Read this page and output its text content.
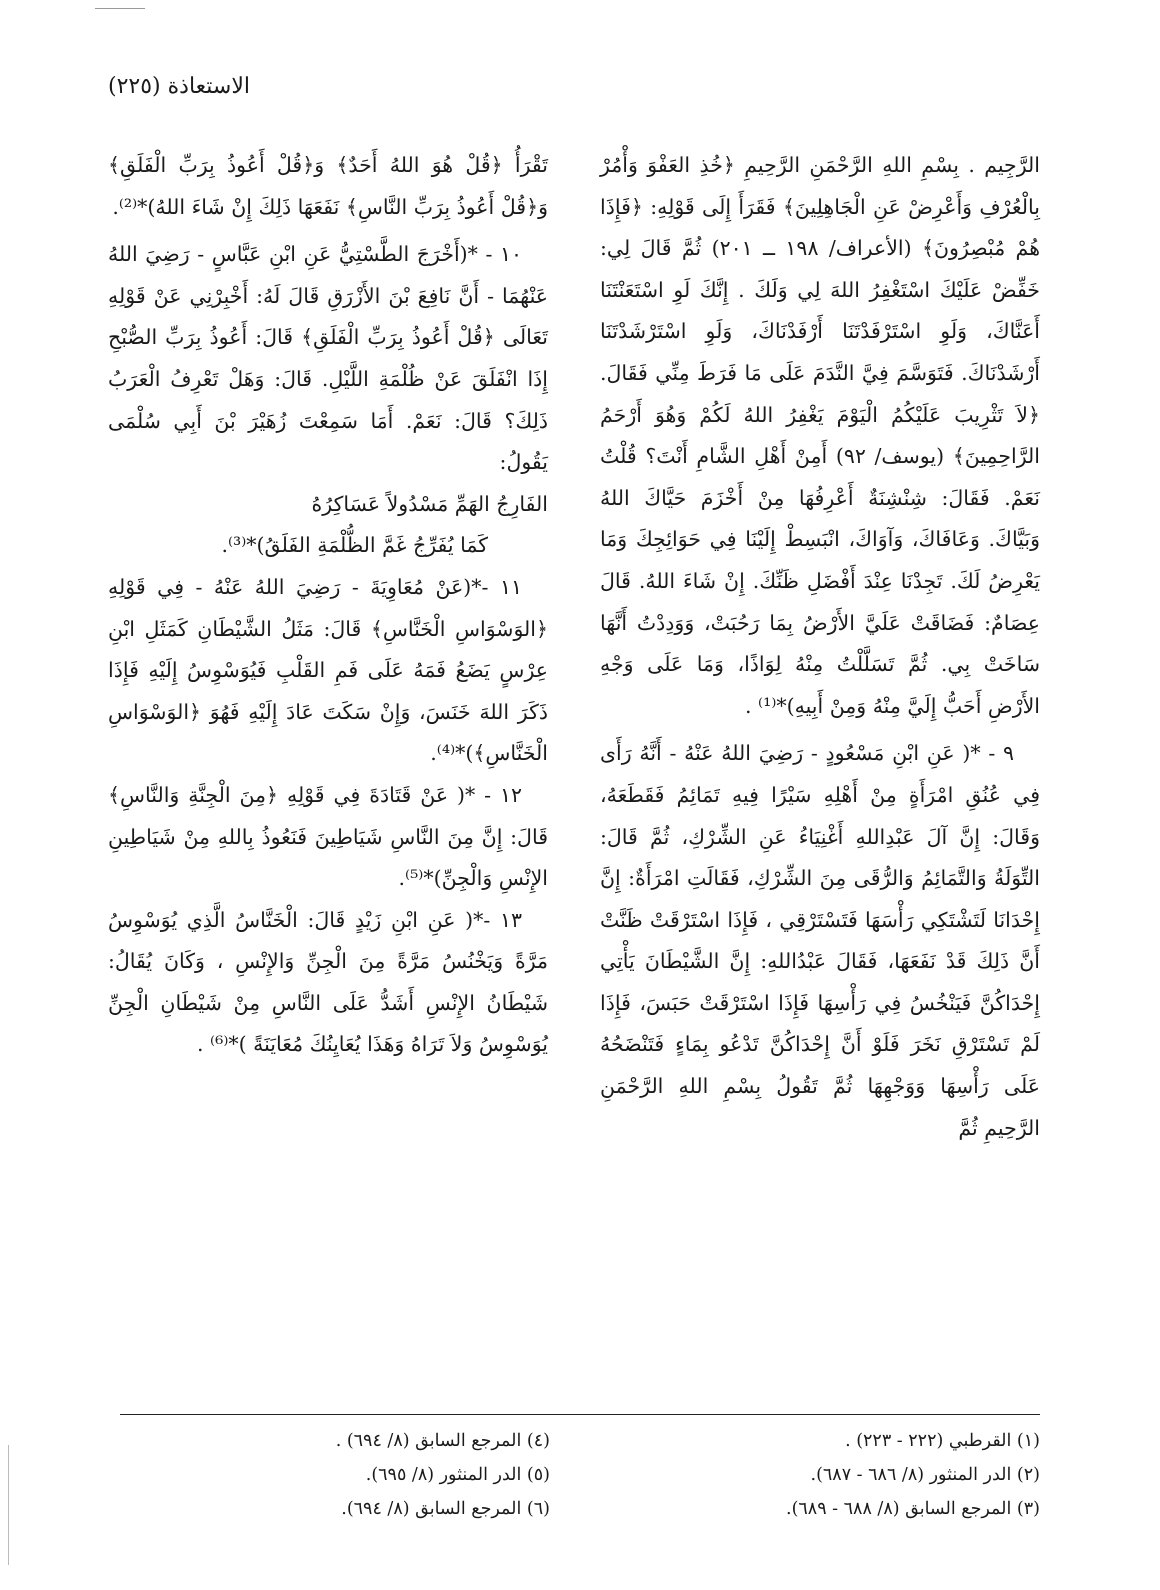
الاستعاذة (٢٢٥)

الرَّجِيم . بِسْمِ اللهِ الرَّحْمَنِ الرَّحِيمِ ﴿خُذِ العَفْوَ وَأْمُرْ بِالْعُرْفِ وَأَعْرِضْ عَنِ الْجَاهِلِينَ﴾ فَقَرَأَ إِلَى قَوْلِهِ: ﴿فَإِذَا هُمْ مُبْصِرُونَ﴾ (الأعراف/ ١٩٨ ــ ٢٠١) ثُمَّ قَالَ لِي: خَفِّضْ عَلَيْكَ اسْتَغْفِرُ اللهَ لِي وَلَكَ . إِنَّكَ لَوِ اسْتَعَنْتَنَا أَعَنَّاكَ، وَلَوِ اسْتَرْفَدْتَنَا أَرْفَدْنَاكَ، وَلَوِ اسْتَرْشَدْتَنَا أَرْشَدْنَاكَ. فَتَوَسَّمَ فِيَّ النَّدَمَ عَلَى مَا فَرَطَ مِنِّي فَقَالَ. ﴿لاَ تَثْرِيبَ عَلَيْكُمُ الْيَوْمَ يَغْفِرُ اللهُ لَكُمْ وَهُوَ أَرْحَمُ الرَّاحِمِينَ﴾ (يوسف/ ٩٢) أَمِنْ أَهْلِ الشَّامِ أَنْتَ؟ قُلْتُ نَعَمْ. فَقَالَ: شِنْشِنَةٌ أَعْرِفُهَا مِنْ أَخْزَمَ حَيَّاكَ اللهُ وَبَيَّاكَ. وَعَافَاكَ، وَآوَاكَ، انْبَسِطْ إِلَيْنَا فِي حَوَائِجِكَ وَمَا يَعْرِضُ لَكَ. تَجِدْنَا عِنْدَ أَفْضَلِ ظَنِّكَ. إِنْ شَاءَ اللهُ. قَالَ عِصَامٌ: فَضَاقَتْ عَلَيَّ الأَرْضُ بِمَا رَحُبَتْ، وَوَدِدْتُ أَنَّهَا سَاخَتْ بِي. ثُمَّ تَسَلَّلْتُ مِنْهُ لِوَاذًا، وَمَا عَلَى وَجْهِ الأَرْضِ أَحَبُّ إِلَيَّ مِنْهُ وَمِنْ أَبِيهِ)*⁽¹⁾ .

٩ - *( عَنِ ابْنِ مَسْعُودٍ - رَضِيَ اللهُ عَنْهُ - أَنَّهُ رَأَى فِي عُنُقِ امْرَأَةٍ مِنْ أَهْلِهِ سَيْرًا فِيهِ تَمَائِمُ فَقَطَعَهُ، وَقَالَ: إِنَّ آلَ عَبْدِاللهِ أَغْنِيَاءُ عَنِ الشِّرْكِ، ثُمَّ قَالَ: التِّوَلَةُ وَالتَّمَائِمُ وَالرُّقَى مِنَ الشِّرْكِ، فَقَالَتِ امْرَأَةٌ: إِنَّ إِحْدَانَا لَتَشْتَكِي رَأْسَهَا فَتَسْتَرْقِي ، فَإِذَا اسْتَرْقَتْ ظَنَّتْ أَنَّ ذَلِكَ قَدْ نَفَعَهَا، فَقَالَ عَبْدُاللهِ: إِنَّ الشَّيْطَانَ يَأْتِي إِحْدَاكُنَّ فَيَنْخُسُ فِي رَأْسِهَا فَإِذَا اسْتَرْقَتْ حَبَسَ، فَإِذَا لَمْ تَسْتَرْقِ نَخَرَ فَلَوْ أَنَّ إِحْدَاكُنَّ تَدْعُو بِمَاءٍ فَتَنْضَحُهُ عَلَى رَأْسِهَا وَوَجْهِهَا ثُمَّ تَقُولُ بِسْمِ اللهِ الرَّحْمَنِ الرَّحِيمِ ثُمَّ

تَقْرَأُ ﴿قُلْ هُوَ اللهُ أَحَدٌ﴾ وَ﴿قُلْ أَعُوذُ بِرَبِّ الْفَلَقِ﴾ وَ﴿قُلْ أَعُوذُ بِرَبِّ النَّاسِ﴾ نَفَعَهَا ذَلِكَ إِنْ شَاءَ اللهُ)*⁽²⁾.

١٠ - *(أَخْرَجَ الطَّسْتِيُّ عَنِ ابْنِ عَبَّاسٍ - رَضِيَ اللهُ عَنْهُمَا - أَنَّ نَافِعَ بْنَ الأَزْرَقِ قَالَ لَهُ: أَخْبِرْنِي عَنْ قَوْلِهِ تَعَالَى ﴿قُلْ أَعُوذُ بِرَبِّ الْفَلَقِ﴾ قَالَ: أَعُوذُ بِرَبِّ الصُّبْحِ إِذَا انْفَلَقَ عَنْ ظُلْمَةِ اللَّيْلِ. قَالَ: وَهَلْ تَعْرِفُ الْعَرَبُ ذَلِكَ؟ قَالَ: نَعَمْ. أَمَا سَمِعْتَ زُهَيْرَ بْنَ أَبِي سُلْمَى يَقُولُ:

الفَارِجُ الهَمِّ مَسْدُولاً عَسَاكِرُهُ

كَمَا يُفَرِّجُ غَمَّ الظُّلْمَةِ الفَلَقُ)*⁽³⁾.

١١ -*(عَنْ مُعَاوِيَةَ - رَضِيَ اللهُ عَنْهُ - فِي قَوْلِهِ ﴿الوَسْوَاسِ الْخَنَّاسِ﴾ قَالَ: مَثَلُ الشَّيْطَانِ كَمَثَلِ ابْنِ عِرْسٍ يَضَعُ فَمَهُ عَلَى فَمِ القَلْبِ فَيُوَسْوِسُ إِلَيْهِ فَإِذَا ذَكَرَ اللهَ خَنَسَ، وَإِنْ سَكَتَ عَادَ إِلَيْهِ فَهُوَ ﴿الوَسْوَاسِ الْخَنَّاسِ﴾)*⁽⁴⁾.

١٢ - *( عَنْ قَتَادَةَ فِي قَوْلِهِ ﴿مِنَ الْجِنَّةِ وَالنَّاسِ﴾ قَالَ: إِنَّ مِنَ النَّاسِ شَيَاطِينَ فَنَعُوذُ بِاللهِ مِنْ شَيَاطِينِ الإِنْسِ وَالْجِنِّ)*⁽⁵⁾.

١٣ -*( عَنِ ابْنِ زَيْدٍ قَالَ: الْخَنَّاسُ الَّذِي يُوَسْوِسُ مَرَّةً وَيَخْنُسُ مَرَّةً مِنَ الْجِنِّ وَالإِنْسِ ، وَكَانَ يُقَالُ: شَيْطَانُ الإِنْسِ أَشَدُّ عَلَى النَّاسِ مِنْ شَيْطَانِ الْجِنِّ يُوَسْوِسُ وَلاَ تَرَاهُ وَهَذَا يُعَايِنُكَ مُعَايَنَةً )*⁽⁶⁾ .

(١) القرطبي (٢٢٢ - ٢٢٣) .
(٢) الدر المنثور (٨/ ٦٨٦ - ٦٨٧).
(٣) المرجع السابق (٨/ ٦٨٨ - ٦٨٩).
(٤) المرجع السابق (٨/ ٦٩٤) .
(٥) الدر المنثور (٨/ ٦٩٥).
(٦) المرجع السابق (٨/ ٦٩٤).
